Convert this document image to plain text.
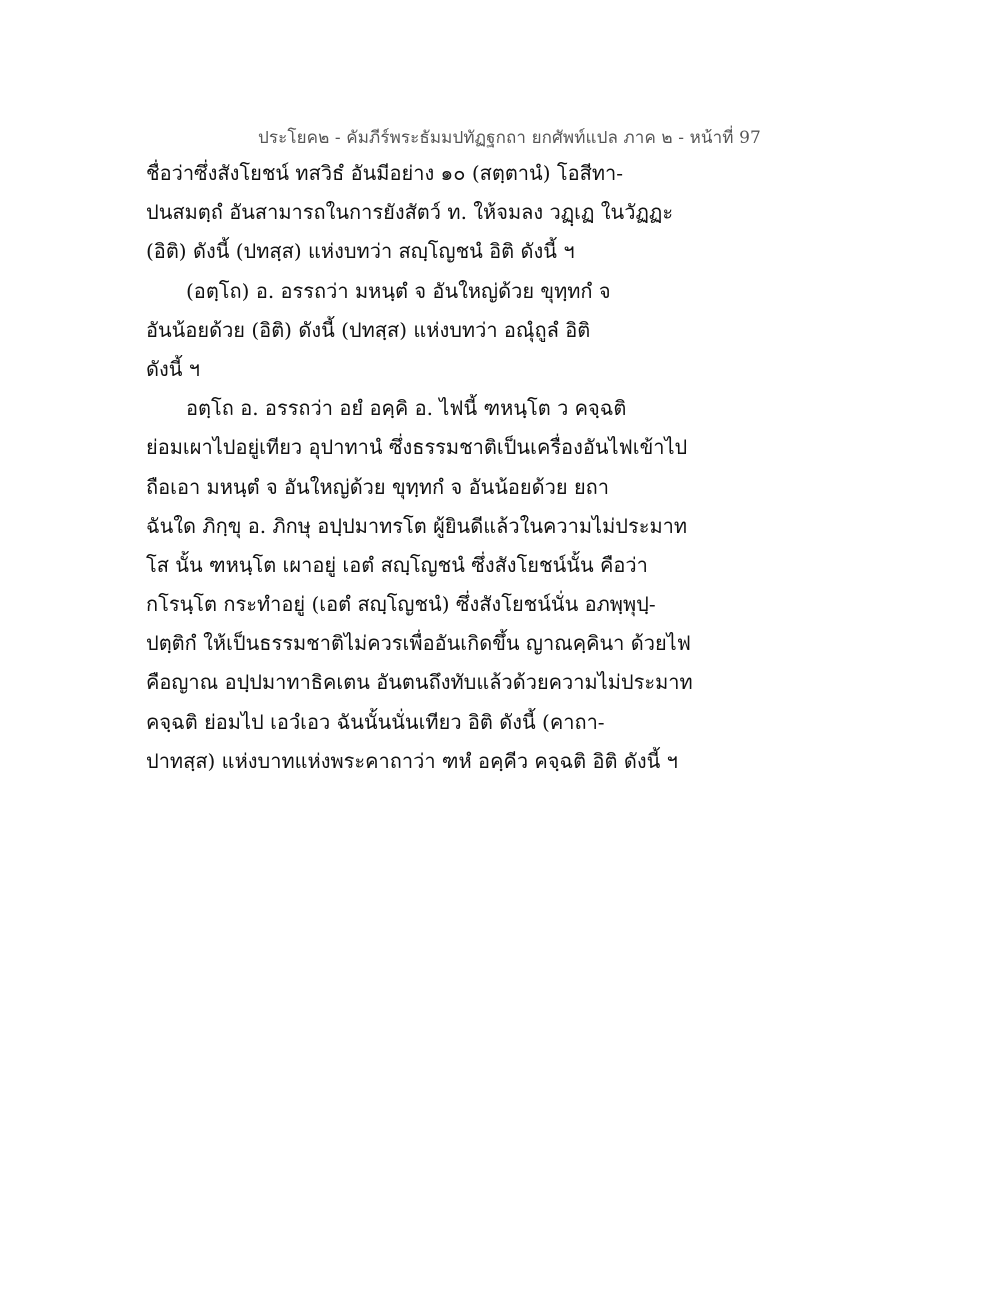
ประโยค๒ - คัมภีร์พระธัมมปทัฏฐกถา ยกศัพท์แปล ภาค ๒ - หน้าที่ 97
ชื่อว่าซึ่งสังโยชน์ ทสวิธํ อันมีอย่าง ๑๐ (สตฺตานํ) โอสีทา-
ปนสมตฺถํ อันสามารถในการยังสัตว์ ท. ให้จมลง วฏฺเฏ ในวัฏฏะ
(อิติ) ดังนี้ (ปทสฺส) แห่งบทว่า สญฺโญชนํ อิติ ดังนี้ ฯ
(อตฺโถ) อ. อรรถว่า มหนฺตํ จ อันใหญ่ด้วย ขุทฺทกํ จ
อันน้อยด้วย (อิติ) ดังนี้ (ปทสฺส) แห่งบทว่า อณุํถูลํ อิติ
ดังนี้ ฯ
อตฺโถ อ. อรรถว่า อยํ อคฺคิ อ. ไฟนี้ ฑหนฺโต ว คจฺฉติ
ย่อมเผาไปอยู่เทียว อุปาทานํ ซึ่งธรรมชาติเป็นเครื่องอันไฟเข้าไป
ถือเอา มหนฺตํ จ อันใหญ่ด้วย ขุทฺทกํ จ อันน้อยด้วย ยถา
ฉันใด ภิกฺขุ อ. ภิกษุ อปฺปมาทรโต ผู้ยินดีแล้วในความไม่ประมาท
โส นั้น ฑหนฺโต เผาอยู่ เอตํ สญฺโญชนํ ซึ่งสังโยชน์นั้น คือว่า
กโรนฺโต กระทำอยู่ (เอตํ สญฺโญชนํ) ซึ่งสังโยชน์นั่น อภพฺพุปฺ-
ปตฺติกํ ให้เป็นธรรมชาติไม่ควรเพื่ออันเกิดขึ้น ญาณคฺคินา ด้วยไฟ
คือญาณ อปฺปมาทาธิคเตน อันตนถึงทับแล้วด้วยความไม่ประมาท
คจฺฉติ ย่อมไป เอวํเอว ฉันนั้นนั่นเทียว อิติ ดังนี้ (คาถา-
ปาทสฺส) แห่งบาทแห่งพระคาถาว่า ฑหํ อคฺคีว คจฺฉติ อิติ ดังนี้ ฯ
